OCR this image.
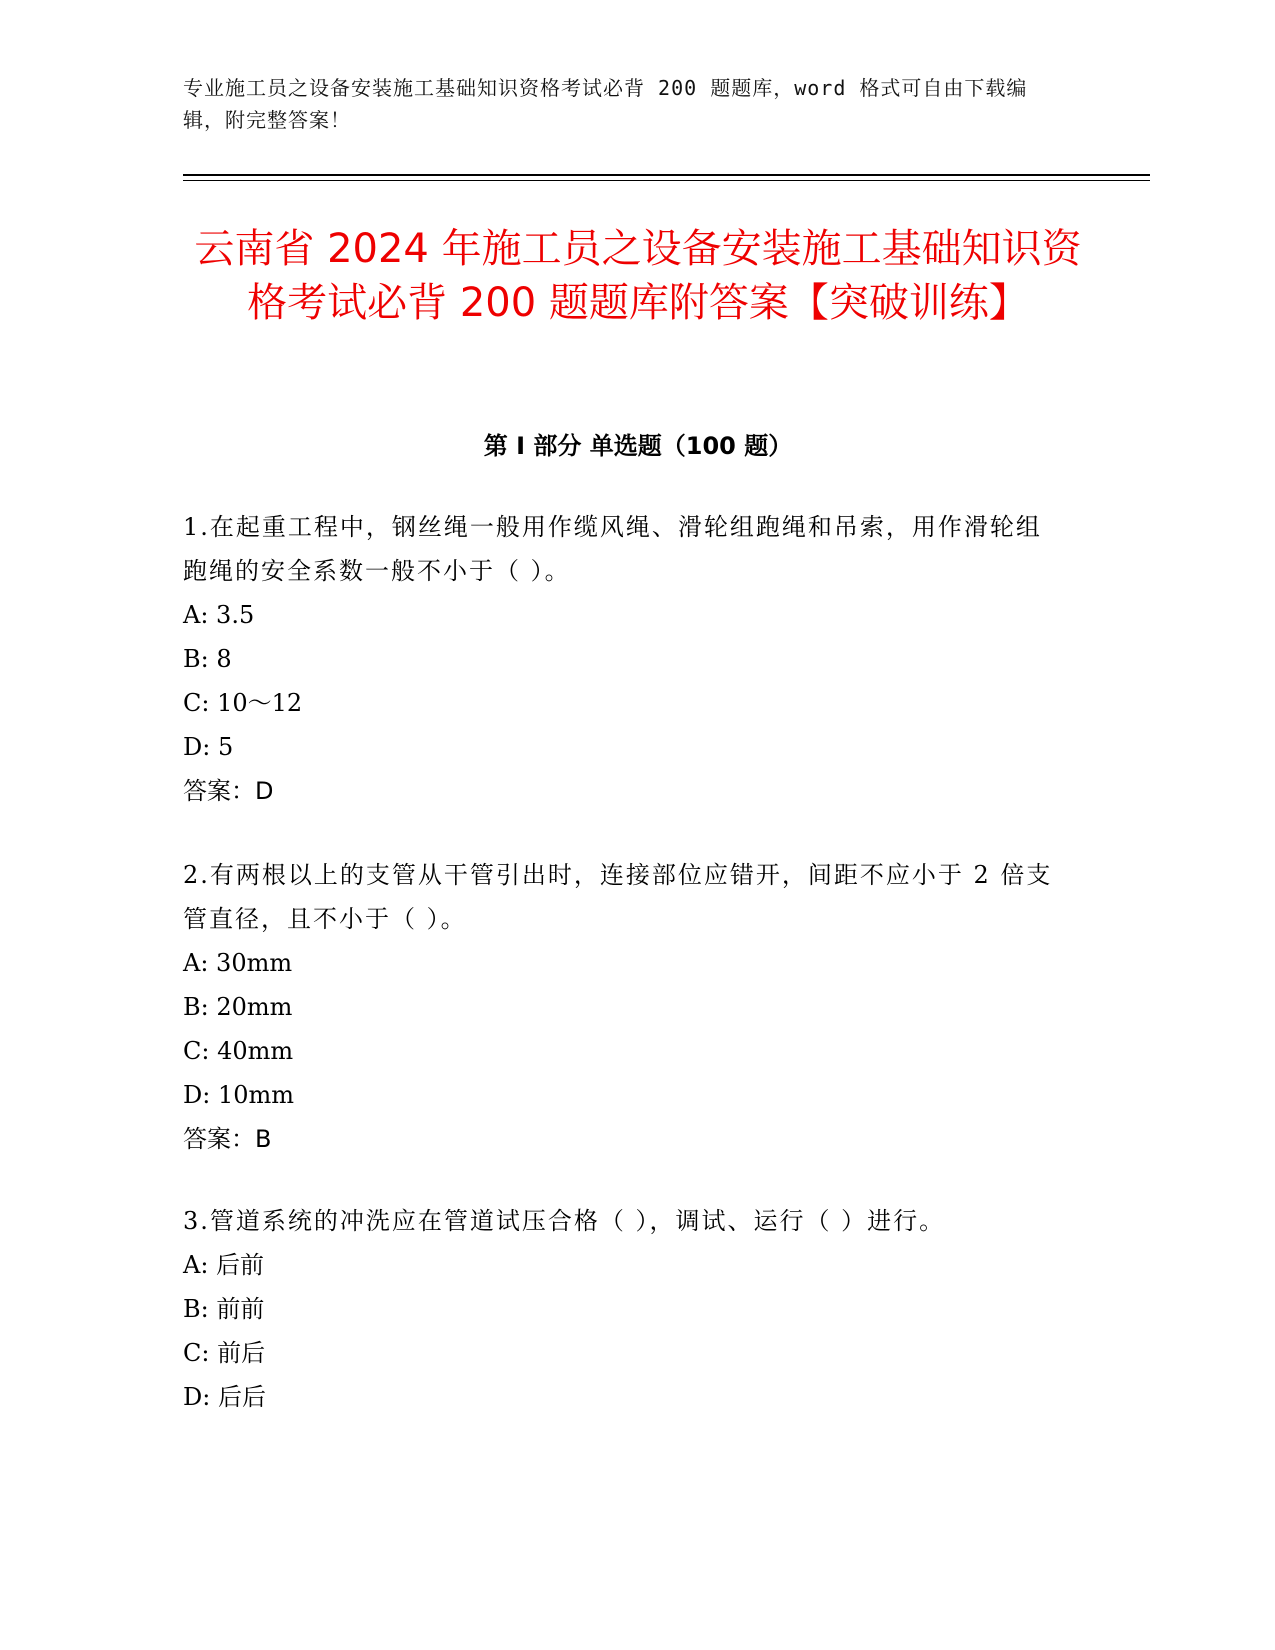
专业施工员之设备安装施工基础知识资格考试必背 200 题题库，word 格式可自由下载编辑，附完整答案！
云南省 2024 年施工员之设备安装施工基础知识资格考试必背 200 题题库附答案【突破训练】
第 I 部分 单选题（100 题）

1.在起重工程中，钢丝绳一般用作缆风绳、滑轮组跑绳和吊索，用作滑轮组跑绳的安全系数一般不小于（ ）。

A: 3.5

B: 8

C: 10～12

D: 5

答案：D

2.有两根以上的支管从干管引出时，连接部位应错开，间距不应小于 2 倍支管直径，且不小于（ ）。

A: 30mm

B: 20mm

C: 40mm

D: 10mm

答案：B

3.管道系统的冲洗应在管道试压合格（ ），调试、运行（ ）进行。

A: 后前

B: 前前

C: 前后

D: 后后
